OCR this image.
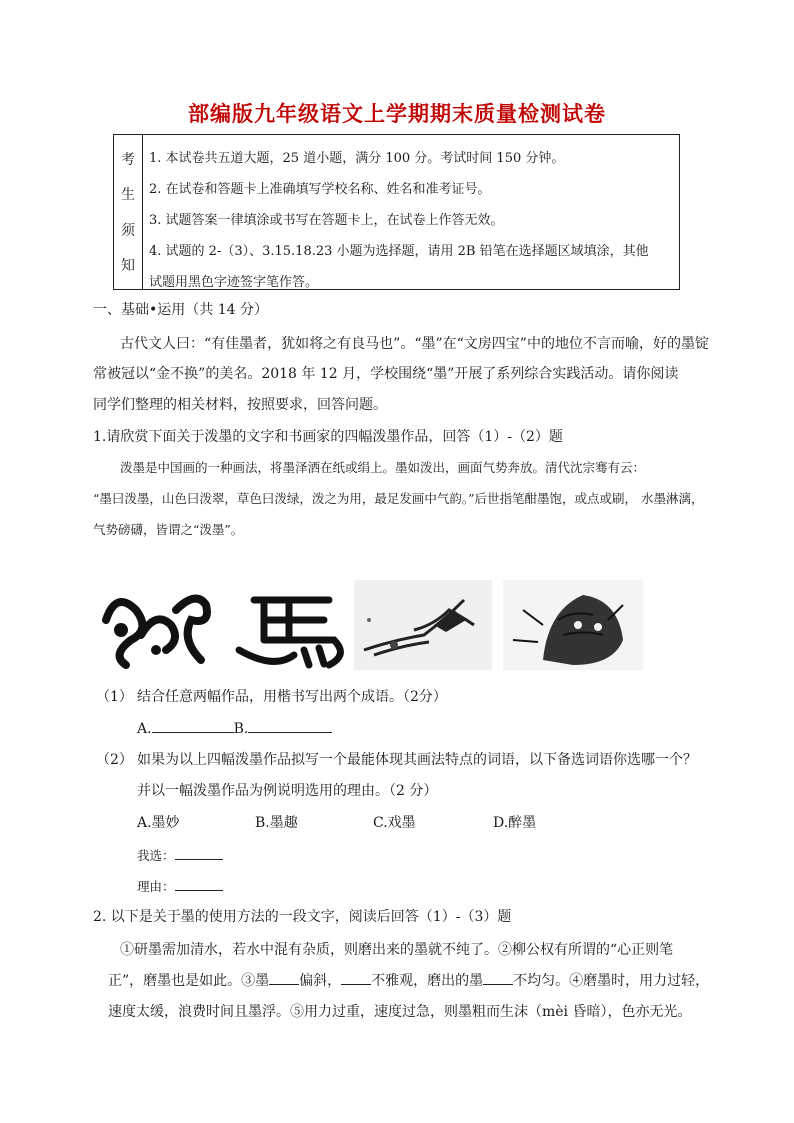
部编版九年级语文上学期期末质量检测试卷
考
生
须
知
1. 本试卷共五道大题，25 道小题，满分 100 分。考试时间 150 分钟。
2. 在试卷和答题卡上准确填写学校名称、姓名和准考证号。
3. 试题答案一律填涂或书写在答题卡上，在试卷上作答无效。
4. 试题的 2-（3）、3.15.18.23 小题为选择题，请用 2B 铅笔在选择题区域填涂，其他
试题用黑色字迹签字笔作答。
一、基础•运用（共 14 分）
古代文人曰：“有佳墨者，犹如将之有良马也”。“墨”在“文房四宝”中的地位不言而喻，好的墨锭
常被冠以“金不换”的美名。2018 年 12 月，学校围绕“墨”开展了系列综合实践活动。请你阅读
同学们整理的相关材料，按照要求，回答问题。
1.请欣赏下面关于泼墨的文字和书画家的四幅泼墨作品，回答（1）-（2）题
泼墨是中国画的一种画法，将墨泽洒在纸或绢上。墨如泼出，画面气势奔放。清代沈宗骞有云：
“墨曰泼墨，山色曰泼翠，草色曰泼绿，泼之为用，最足发画中气韵。”后世指笔酣墨饱，或点或刷， 水墨淋漓，
气势磅礴，皆谓之“泼墨”。
（1） 结合任意两幅作品，用楷书写出两个成语。（2分）
A.	B.
（2） 如果为以上四幅泼墨作品拟写一个最能体现其画法特点的词语，以下备选词语你选哪一个？
并以一幅泼墨作品为例说明选用的理由。（2 分）
A.墨妙	B.墨趣	C.戏墨	D.醉墨
我选：
理由：
2. 以下是关于墨的使用方法的一段文字，阅读后回答（1）-（3）题
①研墨需加清水，若水中混有杂质，则磨出来的墨就不纯了。②柳公权有所谓的“心正则笔
正”，磨墨也是如此。③墨 偏斜， 不雅观，磨出的墨 不均匀。④磨墨时，用力过轻，
速度太缓，浪费时间且墨浮。⑤用力过重，速度过急，则墨粗而生沫（mèi 昏暗），色亦无光。
